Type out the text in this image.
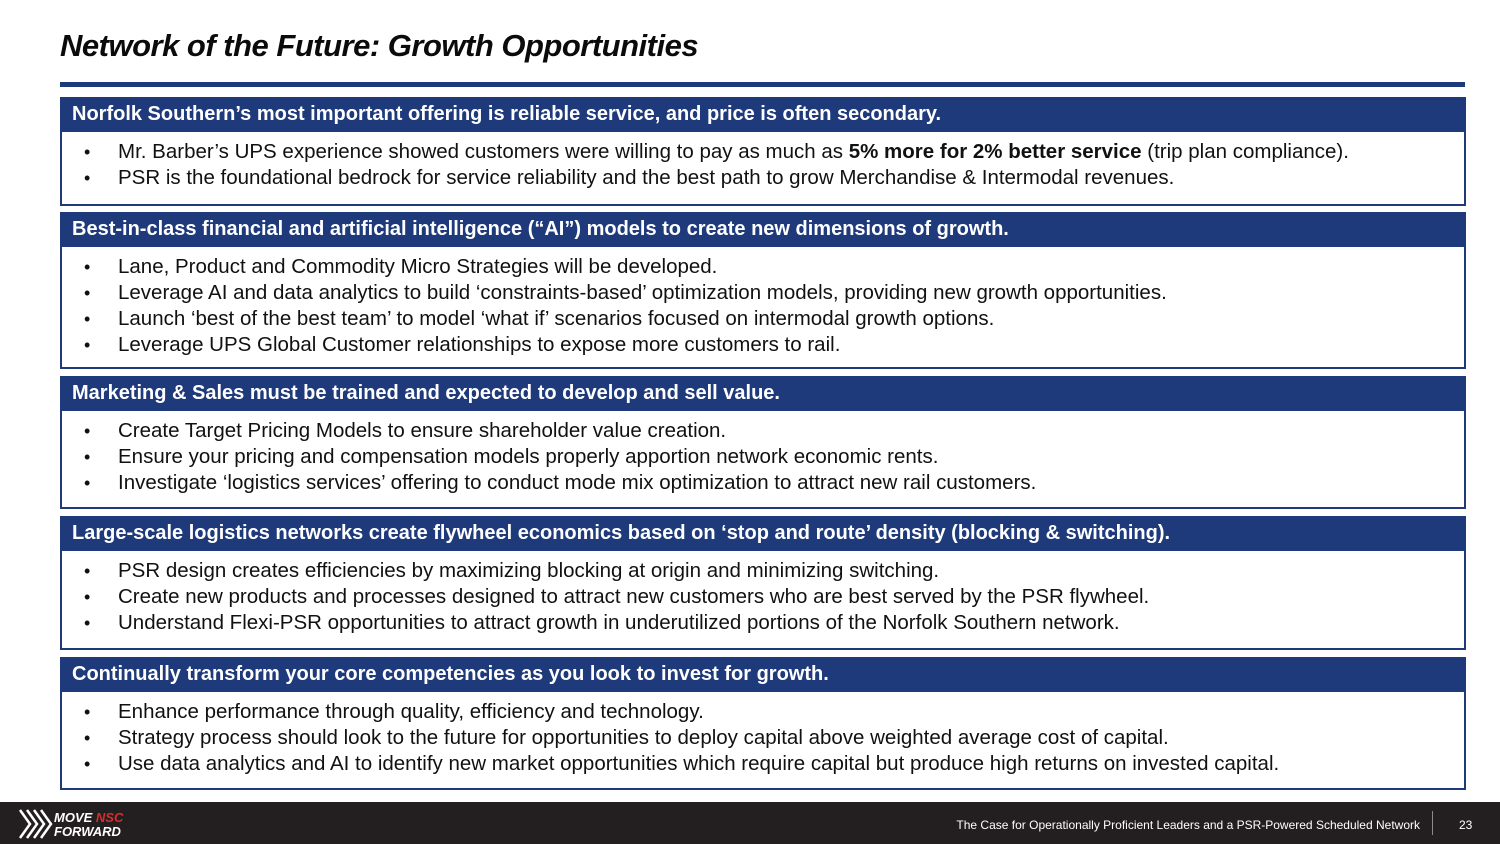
Network of the Future: Growth Opportunities
Norfolk Southern’s most important offering is reliable service, and price is often secondary.
• Mr. Barber’s UPS experience showed customers were willing to pay as much as 5% more for 2% better service (trip plan compliance).
• PSR is the foundational bedrock for service reliability and the best path to grow Merchandise & Intermodal revenues.
Best-in-class financial and artificial intelligence (“AI”) models to create new dimensions of growth.
• Lane, Product and Commodity Micro Strategies will be developed.
• Leverage AI and data analytics to build ‘constraints-based’ optimization models, providing new growth opportunities.
• Launch ‘best of the best team’ to model ‘what if’ scenarios focused on intermodal growth options.
• Leverage UPS Global Customer relationships to expose more customers to rail.
Marketing & Sales must be trained and expected to develop and sell value.
• Create Target Pricing Models to ensure shareholder value creation.
• Ensure your pricing and compensation models properly apportion network economic rents.
• Investigate ‘logistics services’ offering to conduct mode mix optimization to attract new rail customers.
Large-scale logistics networks create flywheel economics based on ‘stop and route’ density (blocking & switching).
• PSR design creates efficiencies by maximizing blocking at origin and minimizing switching.
• Create new products and processes designed to attract new customers who are best served by the PSR flywheel.
• Understand Flexi-PSR opportunities to attract growth in underutilized portions of the Norfolk Southern network.
Continually transform your core competencies as you look to invest for growth.
• Enhance performance through quality, efficiency and technology.
• Strategy process should look to the future for opportunities to deploy capital above weighted average cost of capital.
• Use data analytics and AI to identify new market opportunities which require capital but produce high returns on invested capital.
MOVE NSC
FORWARD	The Case for Operationally Proficient Leaders and a PSR-Powered Scheduled Network	23
